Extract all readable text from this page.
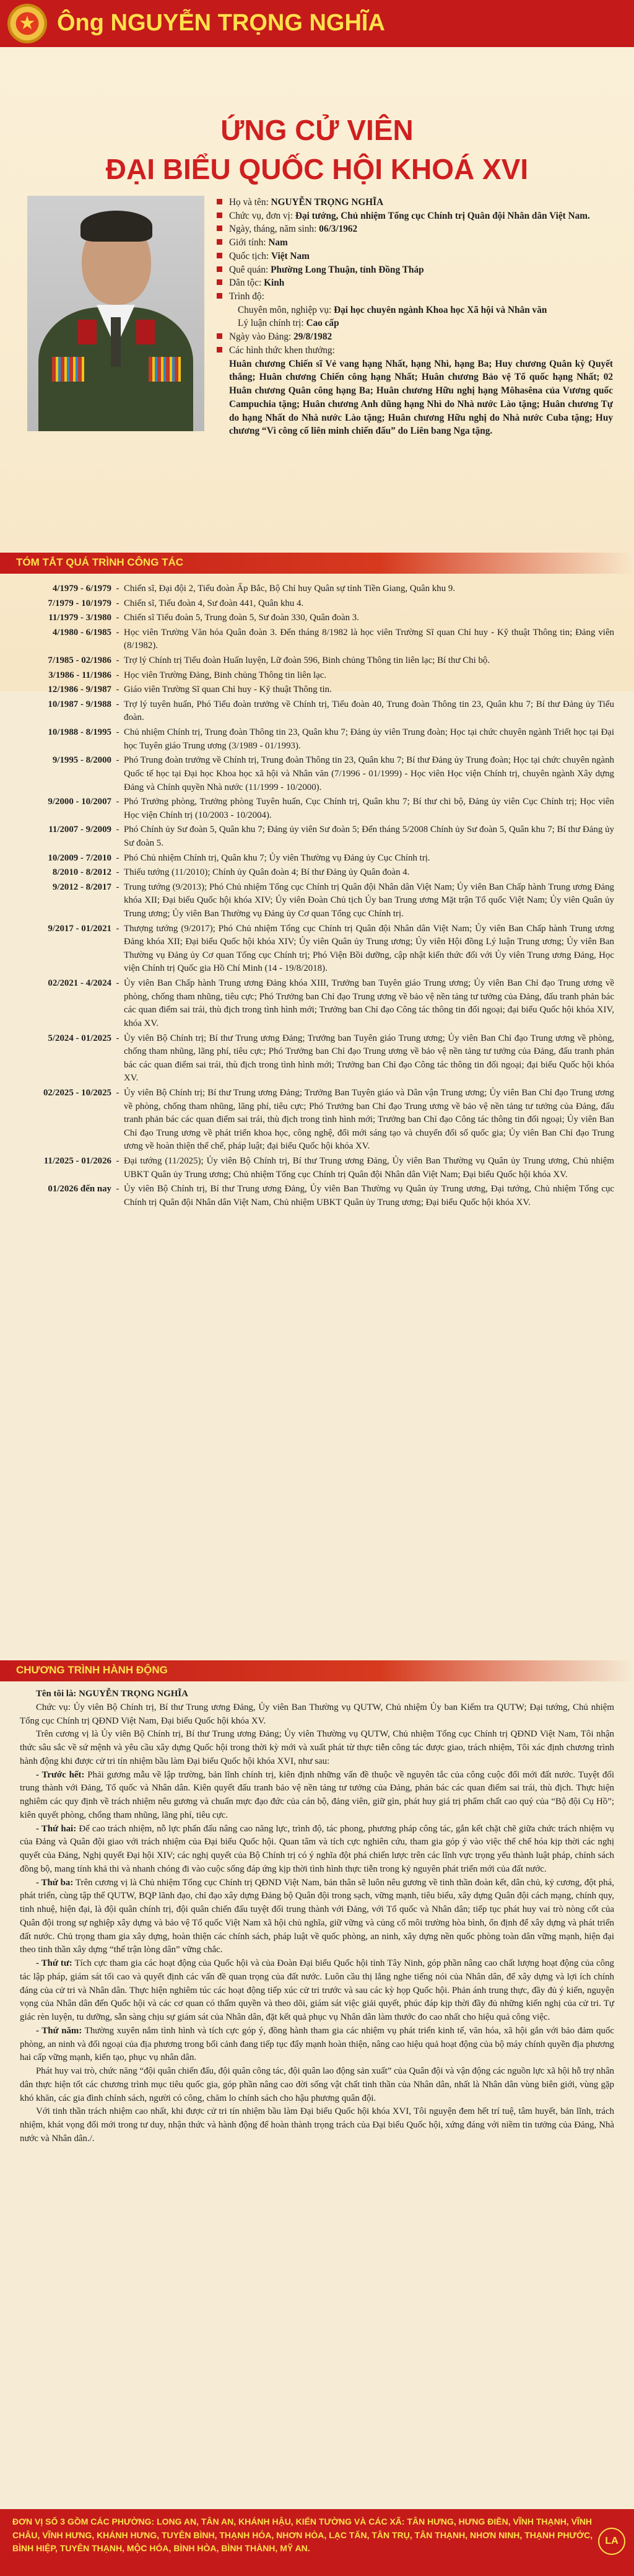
★ Ông NGUYỄN TRỌNG NGHĨA
ỨNG CỬ VIÊN
ĐẠI BIỂU QUỐC HỘI KHOÁ XVI
Họ và tên: NGUYỄN TRỌNG NGHĨA
Chức vụ, đơn vị: Đại tướng, Chủ nhiệm Tổng cục Chính trị Quân đội Nhân dân Việt Nam.
Ngày, tháng, năm sinh: 06/3/1962
Giới tính: Nam
Quốc tịch: Việt Nam
Quê quán: Phường Long Thuận, tỉnh Đồng Tháp
Dân tộc: Kinh
Trình độ:
Chuyên môn, nghiệp vụ: Đại học chuyên ngành Khoa học Xã hội và Nhân văn
Lý luận chính trị: Cao cấp
Ngày vào Đảng: 29/8/1982
Các hình thức khen thưởng:
Huân chương Chiến sĩ Vẻ vang hạng Nhất, hạng Nhì, hạng Ba; Huy chương Quân kỳ Quyết thắng; Huân chương Chiến công hạng Nhất; Huân chương Bảo vệ Tổ quốc hạng Nhất; 02 Huân chương Quân công hạng Ba; Huân chương Hữu nghị hạng Môhasêna của Vương quốc Campuchia tặng; Huân chương Anh dũng hạng Nhì do Nhà nước Lào tặng; Huân chương Tự do hạng Nhất do Nhà nước Lào tặng; Huân chương Hữu nghị do Nhà nước Cuba tặng; Huy chương “Vì công cố liên minh chiến đấu” do Liên bang Nga tặng.
TÓM TẮT QUÁ TRÌNH CÔNG TÁC
4/1979 - 6/1979 - Chiến sĩ, Đại đội 2, Tiểu đoàn Ấp Bắc, Bộ Chỉ huy Quân sự tỉnh Tiền Giang, Quân khu 9.
7/1979 - 10/1979 - Chiến sĩ, Tiểu đoàn 4, Sư đoàn 441, Quân khu 4.
11/1979 - 3/1980 - Chiến sĩ Tiểu đoàn 5, Trung đoàn 5, Sư đoàn 330, Quân đoàn 3.
4/1980 - 6/1985 - Học viên Trường Văn hóa Quân đoàn 3. Đến tháng 8/1982 là học viên Trường Sĩ quan Chỉ huy - Kỹ thuật Thông tin; Đảng viên (8/1982).
7/1985 - 02/1986 - Trợ lý Chính trị Tiểu đoàn Huấn luyện, Lữ đoàn 596, Binh chủng Thông tin liên lạc; Bí thư Chi bộ.
3/1986 - 11/1986 - Học viên Trường Đảng, Binh chủng Thông tin liên lạc.
12/1986 - 9/1987 - Giáo viên Trường Sĩ quan Chỉ huy - Kỹ thuật Thông tin.
10/1987 - 9/1988 - Trợ lý tuyên huấn, Phó Tiểu đoàn trưởng về Chính trị, Tiểu đoàn 40, Trung đoàn Thông tin 23, Quân khu 7; Bí thư Đảng ủy Tiểu đoàn.
10/1988 - 8/1995 - Chủ nhiệm Chính trị, Trung đoàn Thông tin 23, Quân khu 7; Đảng ủy viên Trung đoàn; Học tại chức chuyên ngành Triết học tại Đại học Tuyên giáo Trung ương (3/1989 - 01/1993).
9/1995 - 8/2000 - Phó Trung đoàn trưởng về Chính trị, Trung đoàn Thông tin 23, Quân khu 7; Bí thư Đảng ủy Trung đoàn; Học tại chức chuyên ngành Quốc tế học tại Đại học Khoa học xã hội và Nhân văn (7/1996 - 01/1999) - Học viên Học viện Chính trị, chuyên ngành Xây dựng Đảng và Chính quyền Nhà nước (11/1999 - 10/2000).
9/2000 - 10/2007 - Phó Trưởng phòng, Trưởng phòng Tuyên huấn, Cục Chính trị, Quân khu 7; Bí thư chi bộ, Đảng ủy viên Cục Chính trị; Học viên Học viện Chính trị (10/2003 - 10/2004).
11/2007 - 9/2009 - Phó Chính ủy Sư đoàn 5, Quân khu 7; Đảng ủy viên Sư đoàn 5; Đến tháng 5/2008 Chính ủy Sư đoàn 5, Quân khu 7; Bí thư Đảng ủy Sư đoàn 5.
10/2009 - 7/2010 - Phó Chủ nhiệm Chính trị, Quân khu 7; Ủy viên Thường vụ Đảng ủy Cục Chính trị.
8/2010 - 8/2012 - Thiếu tướng (11/2010); Chính ủy Quân đoàn 4; Bí thư Đảng ủy Quân đoàn 4.
9/2012 - 8/2017 - Trung tướng (9/2013); Phó Chủ nhiệm Tổng cục Chính trị Quân đội Nhân dân Việt Nam; Ủy viên Ban Chấp hành Trung ương Đảng khóa XII; Đại biểu Quốc hội khóa XIV; Ủy viên Đoàn Chủ tịch Ủy ban Trung ương Mặt trận Tổ quốc Việt Nam; Ủy viên Quân ủy Trung ương; Ủy viên Ban Thường vụ Đảng ủy Cơ quan Tổng cục Chính trị.
9/2017 - 01/2021 - Thượng tướng (9/2017); Phó Chủ nhiệm Tổng cục Chính trị Quân đội Nhân dân Việt Nam; Ủy viên Ban Chấp hành Trung ương Đảng khóa XII; Đại biểu Quốc hội khóa XIV; Ủy viên Quân ủy Trung ương; Ủy viên Hội đồng Lý luận Trung ương; Ủy viên Ban Thường vụ Đảng ủy Cơ quan Tổng cục Chính trị; Phó Viện Bồi dưỡng, cập nhật kiến thức đối với Ủy viên Trung ương Đảng, Học viện Chính trị Quốc gia Hồ Chí Minh (14 - 19/8/2018).
02/2021 - 4/2024 - Ủy viên Ban Chấp hành Trung ương Đảng khóa XIII, Trưởng ban Tuyên giáo Trung ương; Ủy viên Ban Chỉ đạo Trung ương về phòng, chống tham nhũng, tiêu cực; Phó Trưởng ban Chỉ đạo Trung ương về bảo vệ nền tảng tư tưởng của Đảng, đấu tranh phản bác các quan điểm sai trái, thù địch trong tình hình mới; Trưởng ban Chỉ đạo Công tác thông tin đối ngoại; đại biểu Quốc hội khóa XIV, khóa XV.
5/2024 - 01/2025 - Ủy viên Bộ Chính trị; Bí thư Trung ương Đảng; Trưởng ban Tuyên giáo Trung ương; Ủy viên Ban Chỉ đạo Trung ương về phòng, chống tham nhũng, lãng phí, tiêu cực; Phó Trưởng ban Chỉ đạo Trung ương về bảo vệ nền tảng tư tưởng của Đảng, đấu tranh phản bác các quan điểm sai trái, thù địch trong tình hình mới; Trưởng ban Chỉ đạo Công tác thông tin đối ngoại; đại biểu Quốc hội khóa XV.
02/2025 - 10/2025 - Ủy viên Bộ Chính trị; Bí thư Trung ương Đảng; Trưởng Ban Tuyên giáo và Dân vận Trung ương; Ủy viên Ban Chỉ đạo Trung ương về phòng, chống tham nhũng, lãng phí, tiêu cực; Phó Trưởng ban Chỉ đạo Trung ương về bảo vệ nền tảng tư tưởng của Đảng, đấu tranh phản bác các quan điểm sai trái, thù địch trong tình hình mới; Trưởng ban Chỉ đạo Công tác thông tin đối ngoại; Ủy viên Ban Chỉ đạo Trung ương về phát triển khoa học, công nghệ, đổi mới sáng tạo và chuyển đổi số quốc gia; Ủy viên Ban Chỉ đạo Trung ương về hoàn thiện thể chế, pháp luật; đại biểu Quốc hội khóa XV.
11/2025 - 01/2026 - Đại tướng (11/2025); Ủy viên Bộ Chính trị, Bí thư Trung ương Đảng, Ủy viên Ban Thường vụ Quân ủy Trung ương, Chủ nhiệm UBKT Quân ủy Trung ương; Chủ nhiệm Tổng cục Chính trị Quân đội Nhân dân Việt Nam; Đại biểu Quốc hội khóa XV.
01/2026 đến nay - Ủy viên Bộ Chính trị, Bí thư Trung ương Đảng, Ủy viên Ban Thường vụ Quân ủy Trung ương, Đại tướng, Chủ nhiệm Tổng cục Chính trị Quân đội Nhân dân Việt Nam, Chủ nhiệm UBKT Quân ủy Trung ương; Đại biểu Quốc hội khóa XV.
CHƯƠNG TRÌNH HÀNH ĐỘNG

Tên tôi là: NGUYỄN TRỌNG NGHĨA

Chức vụ: Ủy viên Bộ Chính trị, Bí thư Trung ương Đảng, Ủy viên Ban Thường vụ QUTW, Chủ nhiệm Ủy ban Kiểm tra QUTW; Đại tướng, Chủ nhiệm Tổng cục Chính trị QĐND Việt Nam, Đại biểu Quốc hội khóa XV.

Trên cương vị là Ủy viên Bộ Chính trị, Bí thư Trung ương Đảng; Ủy viên Thường vụ QUTW, Chủ nhiệm Tổng cục Chính trị QĐND Việt Nam, Tôi nhận thức sâu sắc về sứ mệnh và yêu cầu xây dựng Quốc hội trong thời kỳ mới và xuất phát từ thực tiễn công tác được giao, trách nhiệm, Tôi xác định chương trình hành động khi được cử tri tín nhiệm bầu làm Đại biểu Quốc hội khóa XVI, như sau:

- Trước hết: Phải gương mẫu về lập trường, bản lĩnh chính trị, kiên định những vấn đề thuộc về nguyên tắc của công cuộc đổi mới đất nước. Tuyệt đối trung thành với Đảng, Tổ quốc và Nhân dân. Kiên quyết đấu tranh bảo vệ nền tảng tư tưởng của Đảng, phản bác các quan điểm sai trái, thù địch. Thực hiện nghiêm các quy định về trách nhiệm nêu gương và chuẩn mực đạo đức của cán bộ, đảng viên, giữ gìn, phát huy giá trị phẩm chất cao quý của “Bộ đội Cụ Hồ”; kiên quyết phòng, chống tham nhũng, lãng phí, tiêu cực.

- Thứ hai: Để cao trách nhiệm, nỗ lực phấn đấu nâng cao năng lực, trình độ, tác phong, phương pháp công tác, gắn kết chặt chẽ giữa chức trách nhiệm vụ của Đảng và Quân đội giao với trách nhiệm của Đại biểu Quốc hội. Quan tâm và tích cực nghiên cứu, tham gia góp ý vào việc thể chế hóa kịp thời các nghị quyết của Đảng, Nghị quyết Đại hội XIV; các nghị quyết của Bộ Chính trị có ý nghĩa đột phá chiến lược trên các lĩnh vực trọng yếu thành luật pháp, chính sách đồng bộ, mang tính khả thi và nhanh chóng đi vào cuộc sống đáp ứng kịp thời tình hình thực tiễn trong kỷ nguyên phát triển mới của đất nước.

- Thứ ba: Trên cương vị là Chủ nhiệm Tổng cục Chính trị QĐND Việt Nam, bản thân sẽ luôn nêu gương về tinh thần đoàn kết, dân chủ, kỷ cương, đột phá, phát triển, cùng tập thể QUTW, BQP lãnh đạo, chỉ đạo xây dựng Đảng bộ Quân đội trong sạch, vững mạnh, tiêu biểu, xây dựng Quân đội cách mạng, chính quy, tinh nhuệ, hiện đại, là đội quân chính trị, đội quân chiến đấu tuyệt đối trung thành với Đảng, với Tổ quốc và Nhân dân; tiếp tục phát huy vai trò nòng cốt của Quân đội trong sự nghiệp xây dựng và bảo vệ Tổ quốc Việt Nam xã hội chủ nghĩa, giữ vững và củng cố môi trường hòa bình, ổn định để xây dựng và phát triển đất nước. Chủ trọng tham gia xây dựng, hoàn thiện các chính sách, pháp luật về quốc phòng, an ninh, xây dựng nền quốc phòng toàn dân vững mạnh, hiện đại theo tinh thần xây dựng “thế trận lòng dân” vững chắc.

- Thứ tư: Tích cực tham gia các hoạt động của Quốc hội và của Đoàn Đại biểu Quốc hội tỉnh Tây Ninh, góp phần nâng cao chất lượng hoạt động của công tác lập pháp, giám sát tối cao và quyết định các vấn đề quan trọng của đất nước. Luôn cầu thị lắng nghe tiếng nói của Nhân dân, để xây dựng và lợi ích chính đáng của cử tri và Nhân dân. Thực hiện nghiêm túc các hoạt động tiếp xúc cử tri trước và sau các kỳ họp Quốc hội. Phản ánh trung thực, đầy đủ ý kiến, nguyện vọng của Nhân dân đến Quốc hội và các cơ quan có thẩm quyền và theo dõi, giám sát việc giải quyết, phúc đáp kịp thời đầy đủ những kiến nghị của cử tri. Tự giác rèn luyện, tu dưỡng, sẵn sàng chịu sự giám sát của Nhân dân, đặt kết quả phục vụ Nhân dân làm thước đo cao nhất cho hiệu quả công việc.

- Thứ năm: Thường xuyên nắm tình hình và tích cực góp ý, đồng hành tham gia các nhiệm vụ phát triển kinh tế, văn hóa, xã hội gắn với bảo đảm quốc phòng, an ninh và đối ngoại của địa phương trong bối cảnh đang tiếp tục đẩy mạnh hoàn thiện, nâng cao hiệu quả hoạt động của bộ máy chính quyền địa phương hai cấp vững mạnh, kiến tạo, phục vụ nhân dân.

Phát huy vai trò, chức năng “đội quân chiến đấu, đội quân công tác, đội quân lao động sản xuất” của Quân đội và vận động các nguồn lực xã hội hỗ trợ nhân dân thực hiện tốt các chương trình mục tiêu quốc gia, góp phần nâng cao đời sống vật chất tinh thần của Nhân dân, nhất là Nhân dân vùng biên giới, vùng gặp khó khăn, các gia đình chính sách, người có công, chăm lo chính sách cho hậu phương quân đội.

Với tinh thần trách nhiệm cao nhất, khi được cử tri tín nhiệm bầu làm Đại biểu Quốc hội khóa XVI, Tôi nguyện đem hết trí tuệ, tâm huyết, bản lĩnh, trách nhiệm, khát vọng đổi mới trong tư duy, nhận thức và hành động để hoàn thành trọng trách của Đại biểu Quốc hội, xứng đáng với niềm tin tưởng của Đảng, Nhà nước và Nhân dân./.

ĐƠN VỊ SỐ 3 GỒM CÁC PHƯỜNG: LONG AN, TÂN AN, KHÁNH HẬU, KIẾN TƯỜNG VÀ CÁC XÃ: TÂN HƯNG, HƯNG ĐIỀN, VĨNH THẠNH, VĨNH CHÂU, VĨNH HƯNG, KHÁNH HƯNG, TUYÊN BÌNH, THẠNH HÓA, NHƠN HÒA, LẠC TẤN, TÂN TRỤ, TÂN THẠNH, NHƠN NINH, THẠNH PHƯỚC, BÌNH HIỆP, TUYÊN THẠNH, MỘC HÓA, BÌNH HÒA, BÌNH THÀNH, MỸ AN.
LA
